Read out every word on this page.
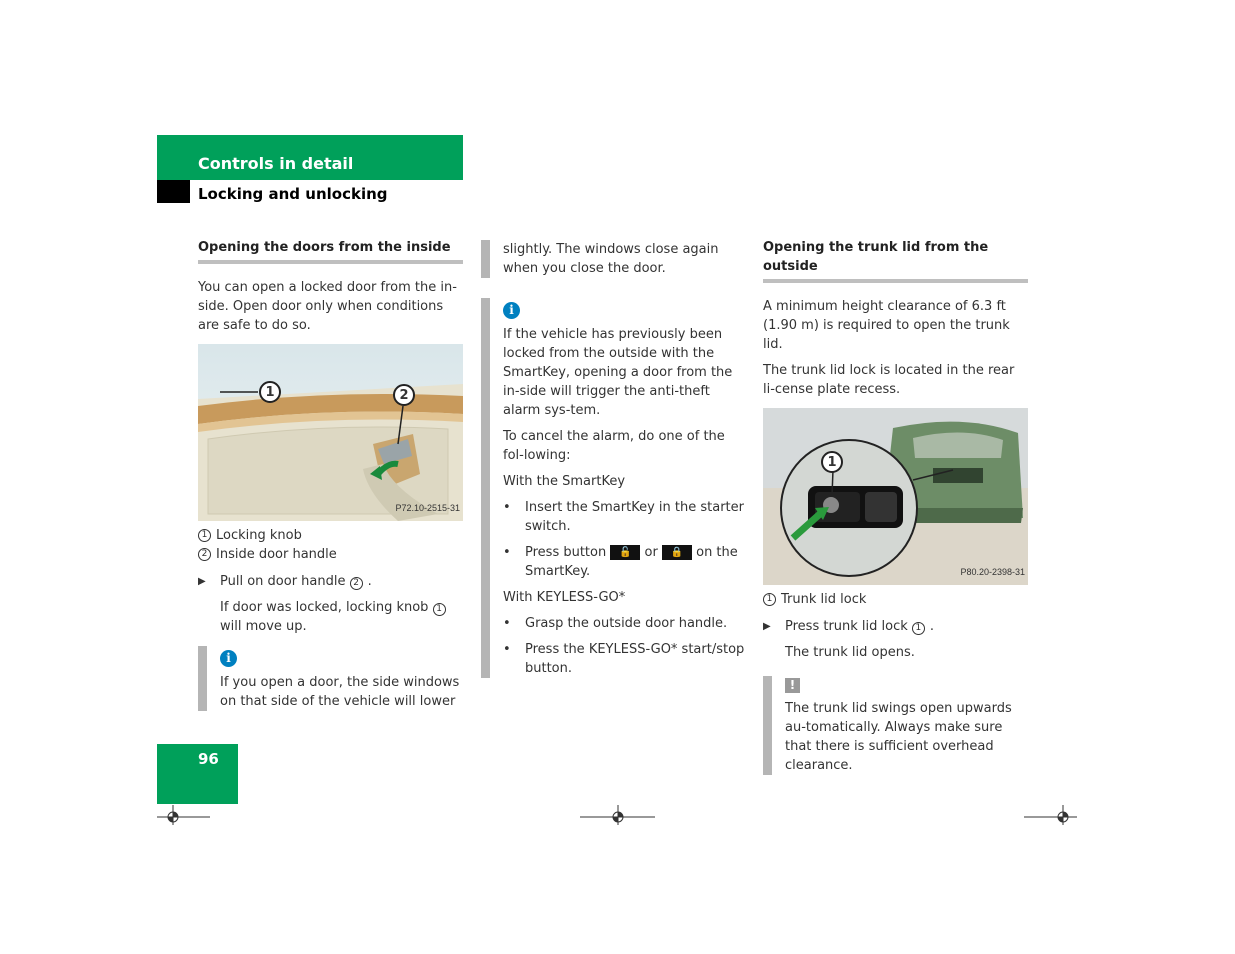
Controls in detail
Locking and unlocking
Opening the doors from the inside

You can open a locked door from the in-side. Open door only when conditions are safe to do so.

1	2
P72.10-2515-31
1 Locking knob
2 Inside door handle
▶	Pull on door handle 2 .

If door was locked, locking knob 1will move up.

i
If you open a door, the side windows on that side of the vehicle will lower
slightly. The windows close again when you close the door.
i

If the vehicle has previously been locked from the outside with the SmartKey, opening a door from the in-side will trigger the anti-theft alarm sys-tem.

To cancel the alarm, do one of the fol-lowing:

With the SmartKey

•	Insert the SmartKey in the starter switch.
•	Press button 🔓 or 🔒 on the SmartKey.

With KEYLESS-GO*

•	Grasp the outside door handle.
•	Press the KEYLESS-GO* start/stop button.
Opening the trunk lid from the outside

A minimum height clearance of 6.3 ft (1.90 m) is required to open the trunk lid.

The trunk lid lock is located in the rear li-cense plate recess.

1
P80.20-2398-31
1 Trunk lid lock
▶	Press trunk lid lock 1 .

The trunk lid opens.

!
The trunk lid swings open upwards au-tomatically. Always make sure that there is sufficient overhead clearance.
96
